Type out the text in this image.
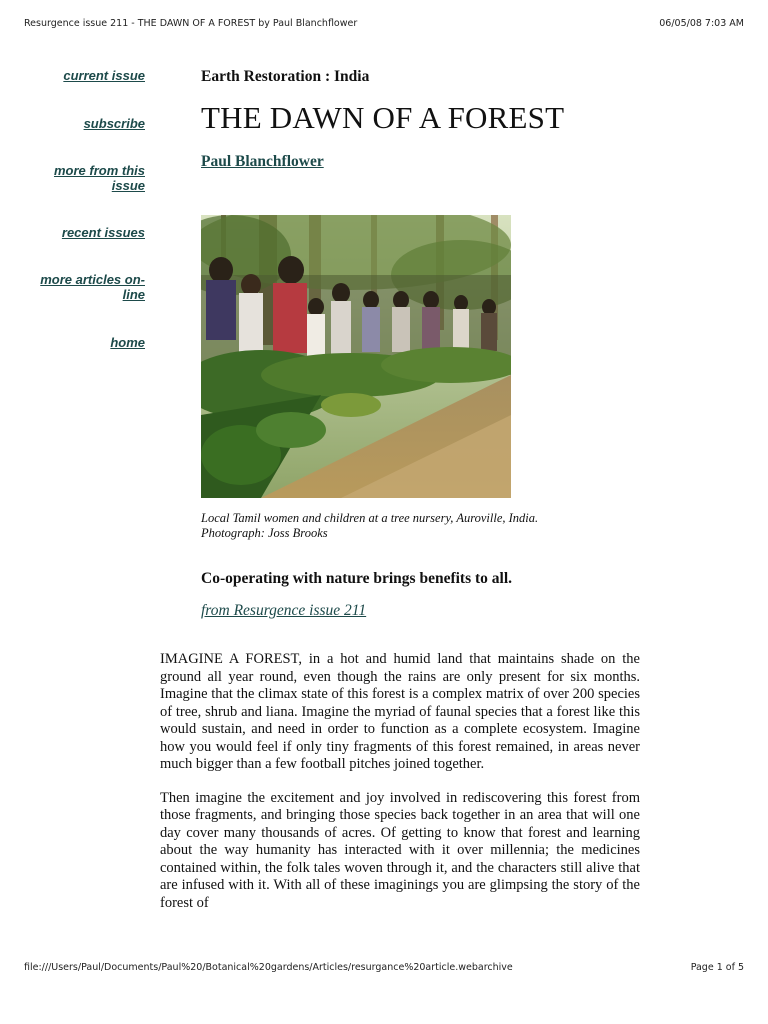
Resurgence issue 211 - THE DAWN OF A FOREST by Paul Blanchflower	06/05/08 7:03 AM
current issue
subscribe
more from this issue
recent issues
more articles on-line
home
Earth Restoration : India
THE DAWN OF A FOREST
Paul Blanchflower
Local Tamil women and children at a tree nursery, Auroville, India.
Photograph: Joss Brooks
Co-operating with nature brings benefits to all.
from Resurgence issue 211

IMAGINE A FOREST, in a hot and humid land that maintains shade on the ground all year round, even though the rains are only present for six months. Imagine that the climax state of this forest is a complex matrix of over 200 species of tree, shrub and liana. Imagine the myriad of faunal species that a forest like this would sustain, and need in order to function as a complete ecosystem. Imagine how you would feel if only tiny fragments of this forest remained, in areas never much bigger than a few football pitches joined together.

Then imagine the excitement and joy involved in rediscovering this forest from those fragments, and bringing those species back together in an area that will one day cover many thousands of acres. Of getting to know that forest and learning about the way humanity has interacted with it over millennia; the medicines contained within, the folk tales woven through it, and the characters still alive that are infused with it. With all of these imaginings you are glimpsing the story of the forest of

file:///Users/Paul/Documents/Paul%20/Botanical%20gardens/Articles/resurgance%20article.webarchive	Page 1 of 5
